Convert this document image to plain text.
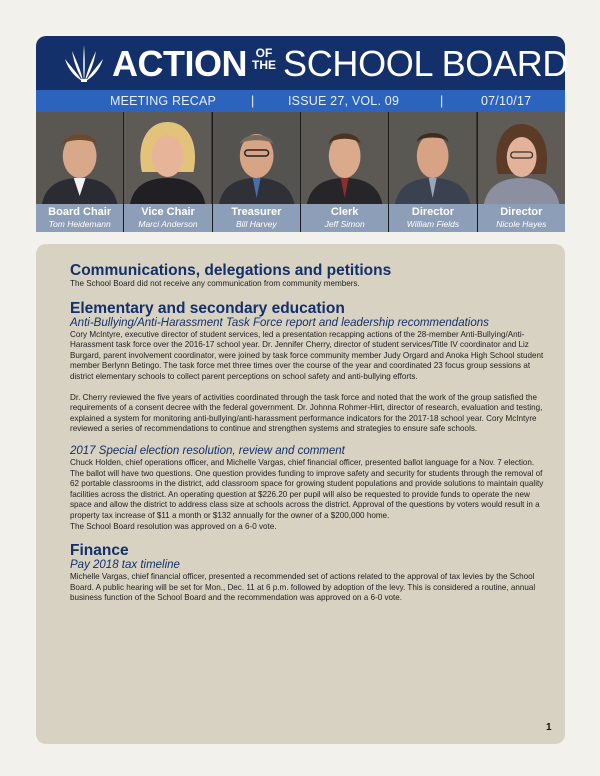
ACTION OF
THE SCHOOL BOARD
MEETING RECAP	|	ISSUE 27, VOL. 09	|	07/10/17
Board Chair
Tom Heidemann
Vice Chair
Marci Anderson
Treasurer
Bill Harvey
Clerk
Jeff Simon
Director
William Fields
Director
Nicole Hayes
Communications, delegations and petitions

The School Board did not receive any communication from community members.

Elementary and secondary education
Anti-Bullying/Anti-Harassment Task Force report and leadership recommendations

Cory McIntyre, executive director of student services, led a presentation recapping actions of the 28-member Anti-Bullying/Anti-Harassment task force over the 2016-17 school year. Dr. Jennifer Cherry, director of student services/Title IV coordinator and Liz Burgard, parent involvement coordinator, were joined by task force community member Judy Orgard and Anoka High School student member Berlynn Betingo. The task force met three times over the course of the year and coordinated 23 focus group sessions at district elementary schools to collect parent perceptions on school safety and anti-bullying efforts.

Dr. Cherry reviewed the five years of activities coordinated through the task force and noted that the work of the group satisfied the requirements of a consent decree with the federal government. Dr. Johnna Rohmer-Hirt, director of research, evaluation and testing, explained a system for monitoring anti-bullying/anti-harassment performance indicators for the 2017-18 school year. Cory McIntyre reviewed a series of recommendations to continue and strengthen systems and strategies to ensure safe schools.

2017 Special election resolution, review and comment

Chuck Holden, chief operations officer, and Michelle Vargas, chief financial officer, presented ballot language for a Nov. 7 election. The ballot will have two questions. One question provides funding to improve safety and security for students through the removal of 62 portable classrooms in the district, add classroom space for growing student populations and provide solutions to maintain quality facilities across the district. An operating question at $226.20 per pupil will also be requested to provide funds to operate the new space and allow the district to address class size at schools across the district. Approval of the questions by voters would result in a property tax increase of $11 a month or $132 annually for the owner of a $200,000 home.

The School Board resolution was approved on a 6-0 vote.

Finance
Pay 2018 tax timeline

Michelle Vargas, chief financial officer, presented a recommended set of actions related to the approval of tax levies by the School Board. A public hearing will be set for Mon., Dec. 11 at 6 p.m. followed by adoption of the levy. This is considered a routine, annual business function of the School Board and the recommendation was approved on a 6-0 vote.

1
